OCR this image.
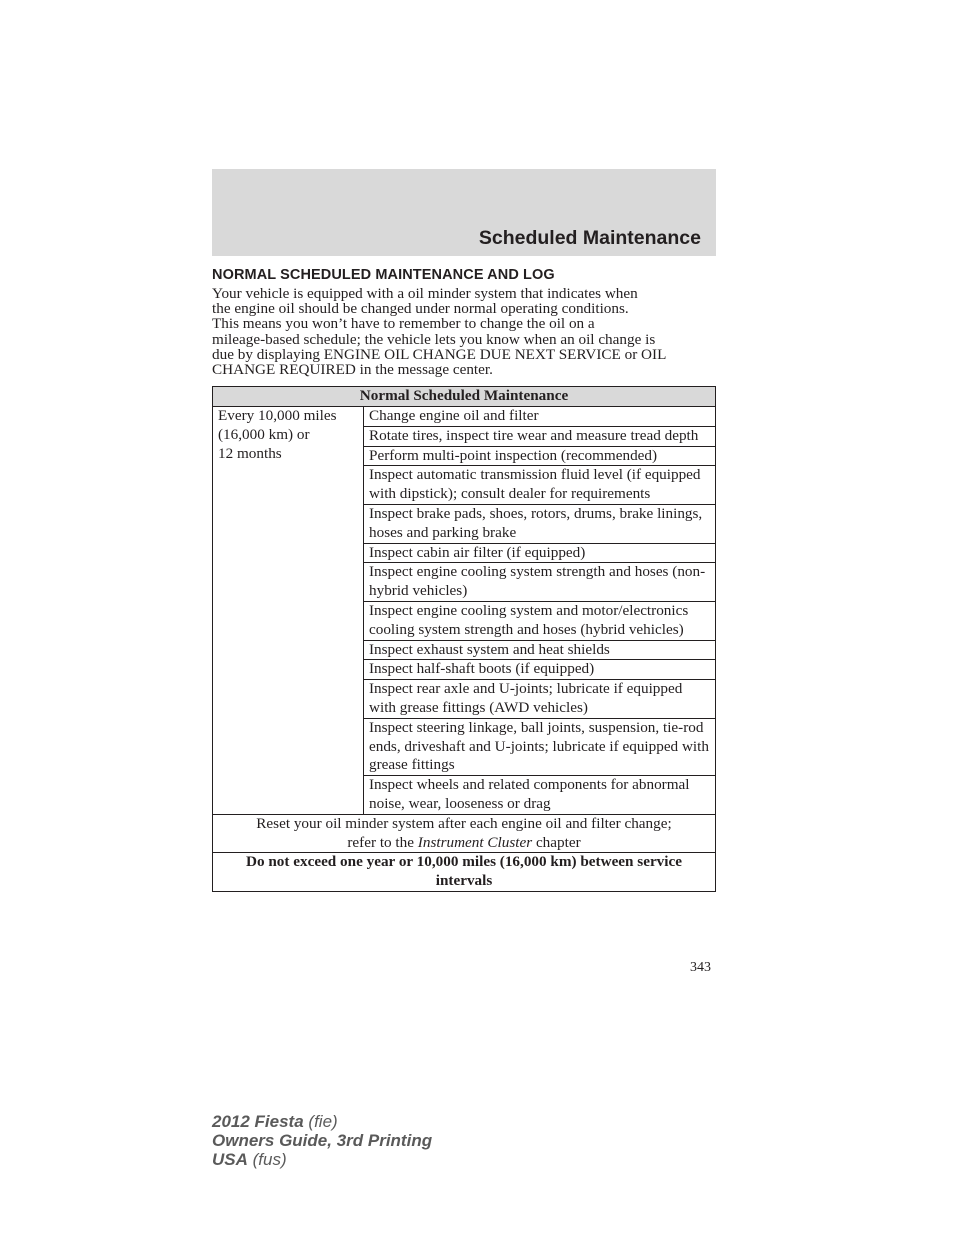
Scheduled Maintenance
NORMAL SCHEDULED MAINTENANCE AND LOG

Your vehicle is equipped with a oil minder system that indicates when
the engine oil should be changed under normal operating conditions.
This means you won’t have to remember to change the oil on a
mileage-based schedule; the vehicle lets you know when an oil change is
due by displaying ENGINE OIL CHANGE DUE NEXT SERVICE or OIL
CHANGE REQUIRED in the message center.

Normal Scheduled Maintenance

Every 10,000 miles
(16,000 km) or
12 months
	Change engine oil and filter
Rotate tires, inspect tire wear and measure tread depth
Perform multi-point inspection (recommended)
Inspect automatic transmission fluid level (if equipped with dipstick); consult dealer for requirements
Inspect brake pads, shoes, rotors, drums, brake linings, hoses and parking brake
Inspect cabin air filter (if equipped)
Inspect engine cooling system strength and hoses (non-hybrid vehicles)
Inspect engine cooling system and motor/electronics cooling system strength and hoses (hybrid vehicles)
Inspect exhaust system and heat shields
Inspect half-shaft boots (if equipped)
Inspect rear axle and U-joints; lubricate if equipped with grease fittings (AWD vehicles)
Inspect steering linkage, ball joints, suspension, tie-rod ends, driveshaft and U-joints; lubricate if equipped with grease fittings
Inspect wheels and related components for abnormal noise, wear, looseness or drag
Reset your oil minder system after each engine oil and filter change;
refer to the Instrument Cluster chapter
Do not exceed one year or 10,000 miles (16,000 km) between service intervals
343
2012 Fiesta (fie)
Owners Guide, 3rd Printing
USA (fus)
